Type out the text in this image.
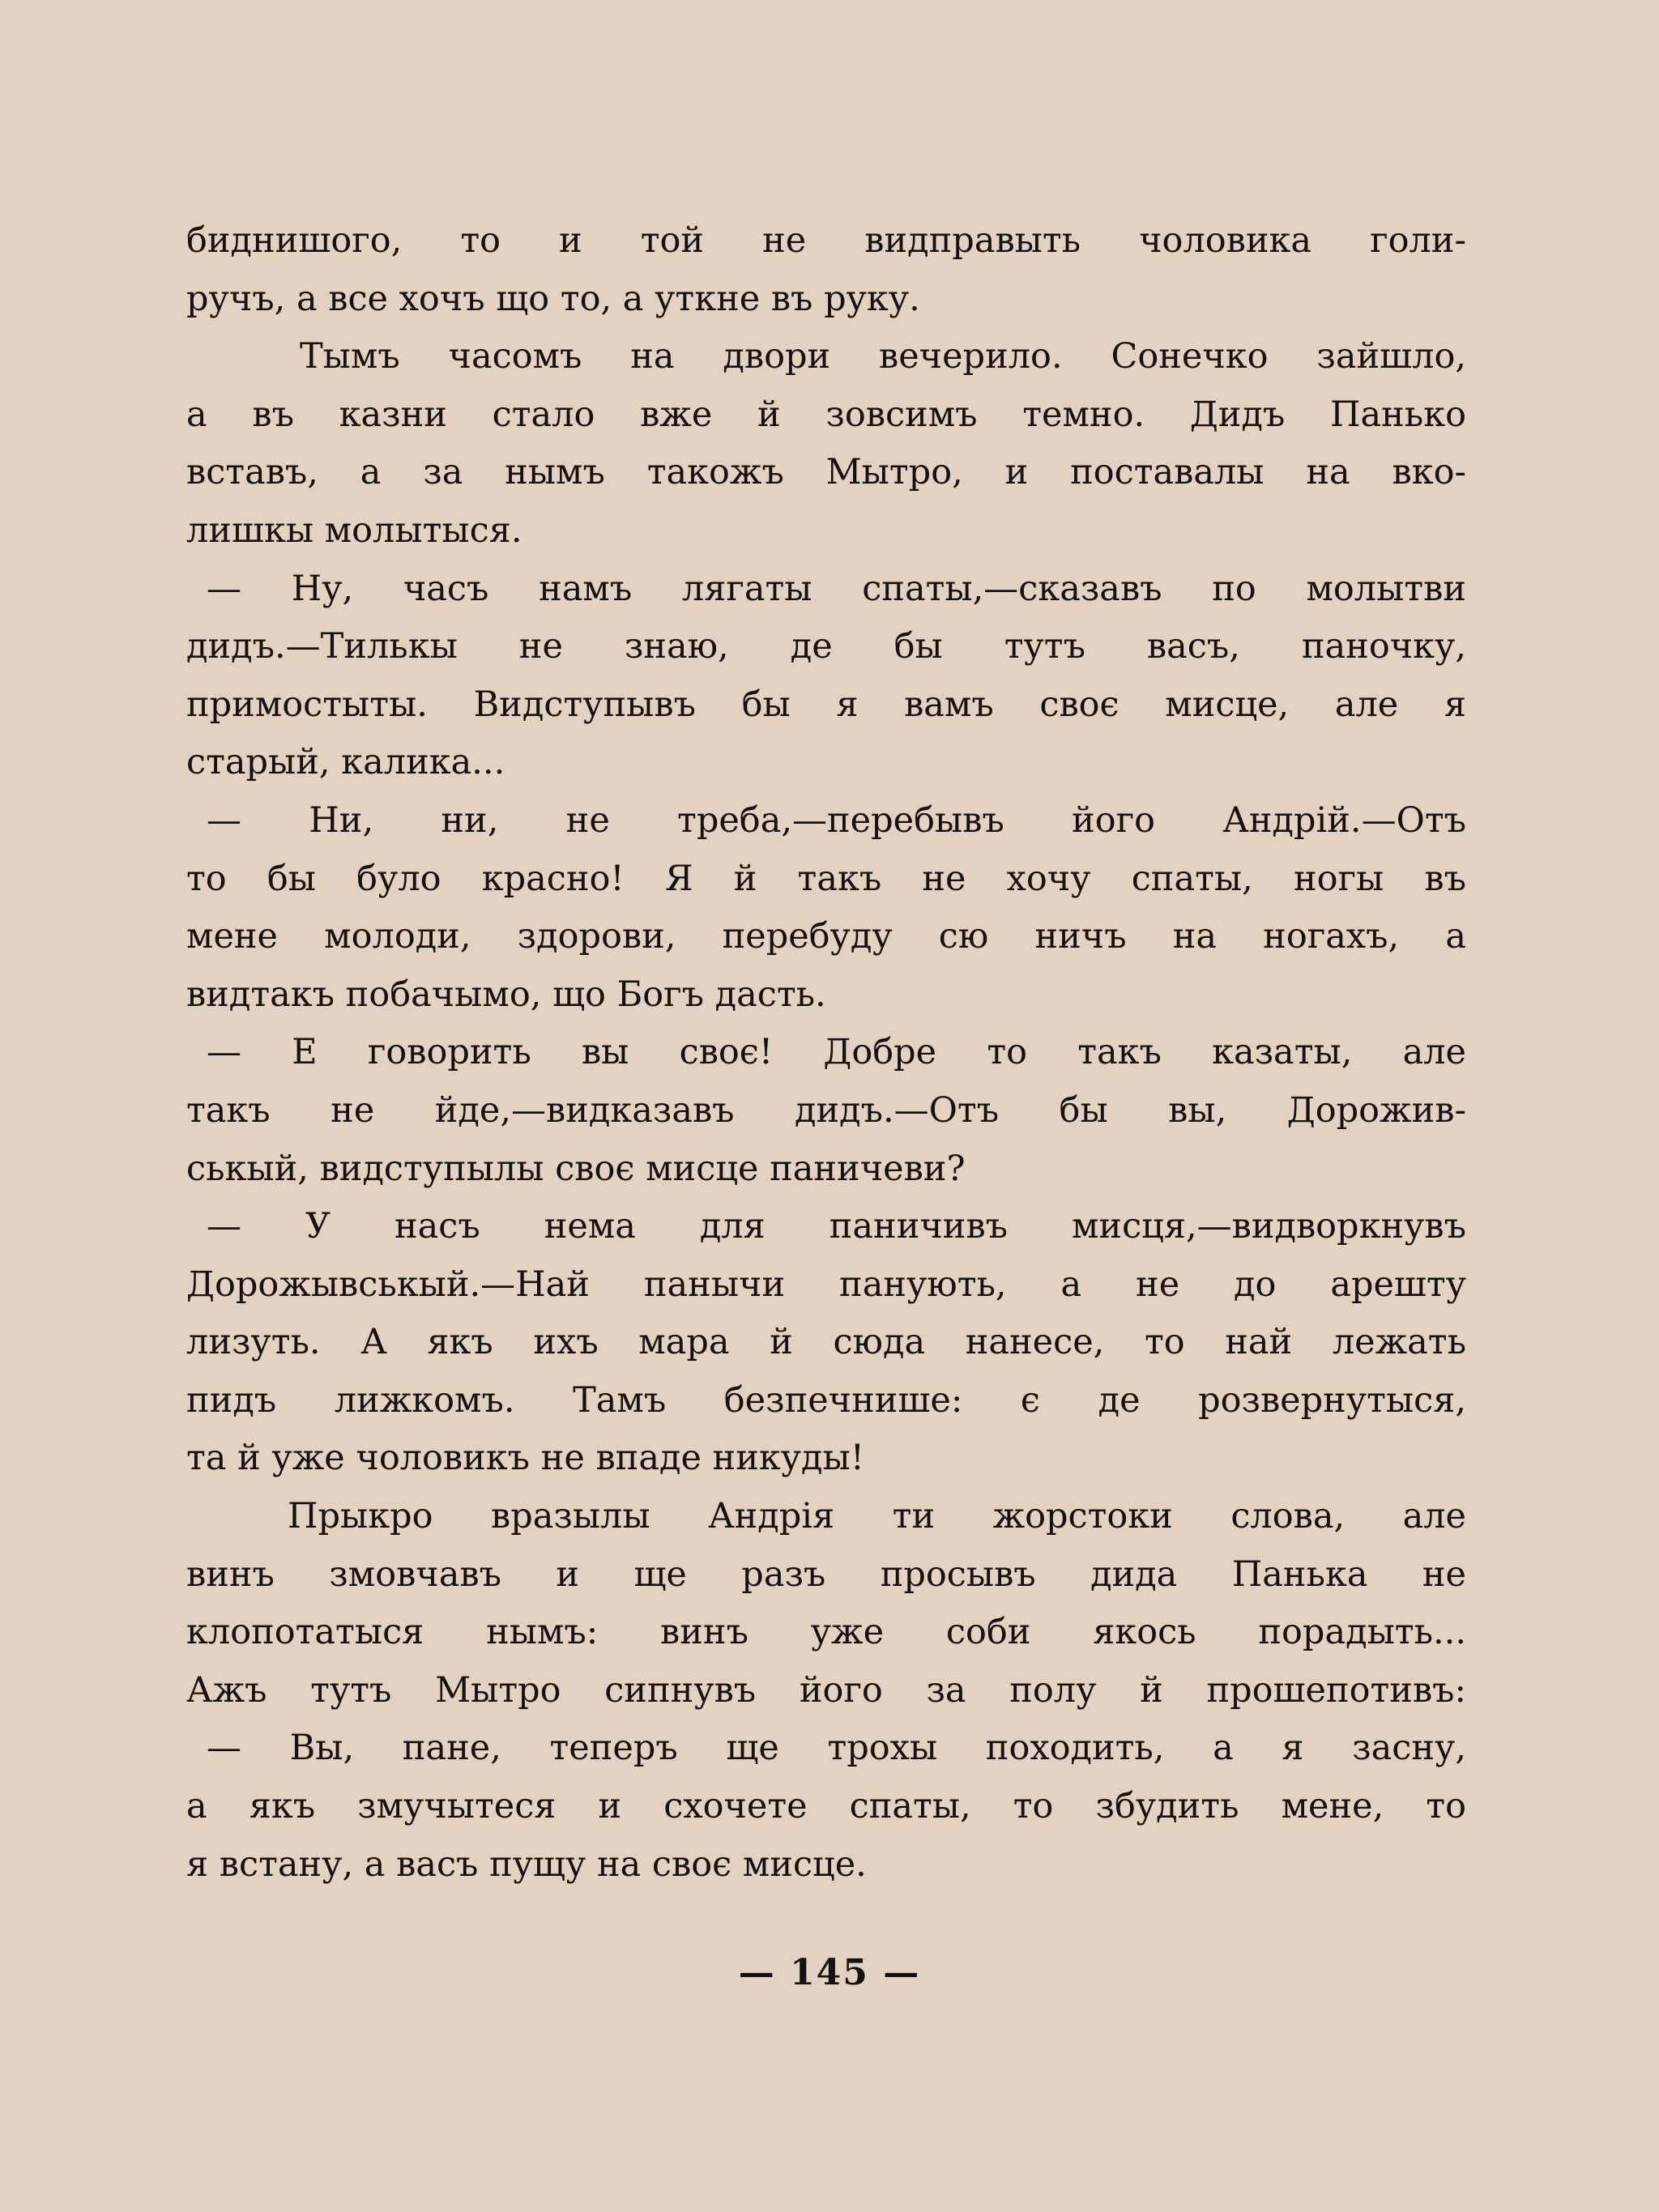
биднишого, то и той не видправыть чоловика голи-
ручъ, а все хочъ що то, а уткне въ руку.
Тымъ часомъ на двори вечерило. Сонечко зайшло,
а въ казни стало вже й зовсимъ темно. Дидъ Панько
вставъ, а за нымъ такожъ Мытро, и поставалы на вко-
лишкы молытыся.
— Ну, часъ намъ лягаты спаты,—сказавъ по молытви
дидъ.—Тилькы не знаю, де бы тутъ васъ, паночку,
примостыты. Видступывъ бы я вамъ своє мисце, але я
старый, калика...
— Ни, ни, не треба,—перебывъ його Андрій.—Отъ
то бы було красно! Я й такъ не хочу спаты, ногы въ
мене молоди, здорови, перебуду сю ничъ на ногахъ, а
видтакъ побачымо, що Богъ дасть.
— Е говорить вы своє! Добре то такъ казаты, але
такъ не йде,—видказавъ дидъ.—Отъ бы вы, Дорожив-
ськый, видступылы своє мисце паничеви?
— У насъ нема для паничивъ мисця,—видворкнувъ
Дорожывськый.—Най панычи панують, а не до арешту
лизуть. А якъ ихъ мара й сюда нанесе, то най лежать
пидъ лижкомъ. Тамъ безпечнише: є де розвернутыся,
та й уже чоловикъ не впаде никуды!
Прыкро вразылы Андрія ти жорстоки слова, але
винъ змовчавъ и ще разъ просывъ дида Панька не
клопотатыся нымъ: винъ уже соби якось порадыть...
Ажъ тутъ Мытро сипнувъ його за полу й прошепотивъ:
— Вы, пане, теперъ ще трохы походить, а я засну,
а якъ змучытеся и схочете спаты, то збудить мене, то
я встану, а васъ пущу на своє мисце.
— 145 —
